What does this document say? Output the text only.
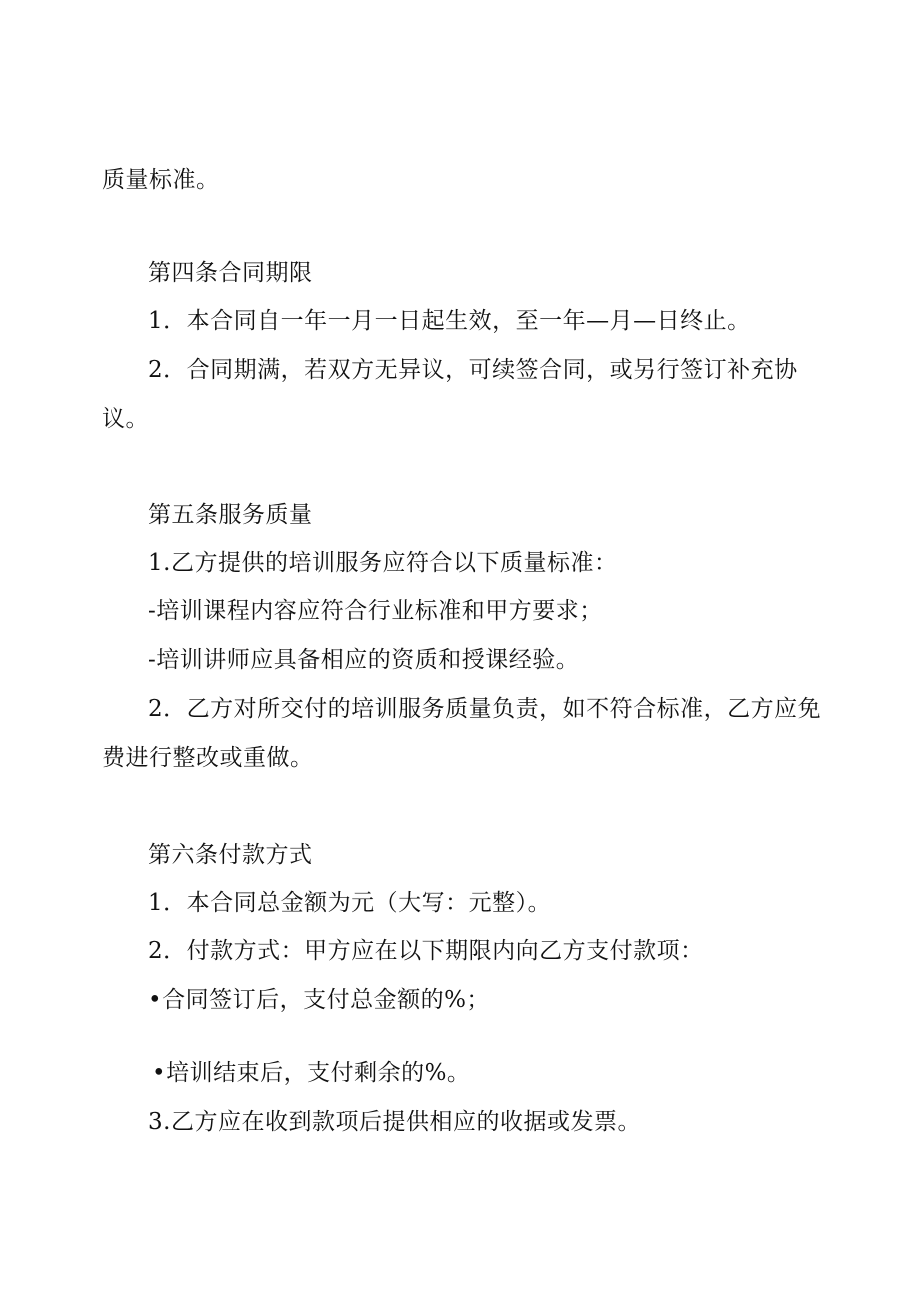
质量标准。
第四条合同期限
1．本合同自一年一月一日起生效，至一年—月—日终止。
2．合同期满，若双方无异议，可续签合同，或另行签订补充协
议。
第五条服务质量
1.乙方提供的培训服务应符合以下质量标准：
-培训课程内容应符合行业标准和甲方要求；
-培训讲师应具备相应的资质和授课经验。
2．乙方对所交付的培训服务质量负责，如不符合标准，乙方应免
费进行整改或重做。
第六条付款方式
1．本合同总金额为元（大写：元整）。
2．付款方式：甲方应在以下期限内向乙方支付款项：
•合同签订后，支付总金额的%；
•培训结束后，支付剩余的%。
3.乙方应在收到款项后提供相应的收据或发票。
